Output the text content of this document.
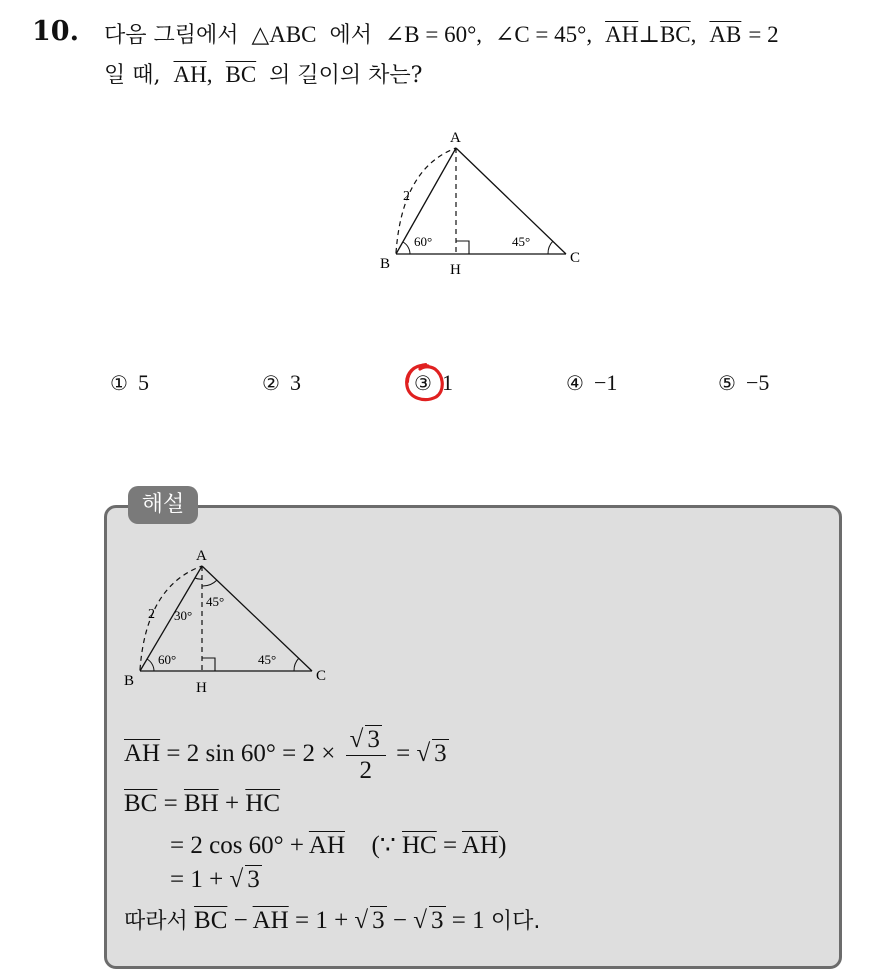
10. 다음 그림에서 △ABC 에서 ∠B = 60°, ∠C = 45°, $\overline{AH}\perp\overline{BC}$, $\overline{AB} = 2$
일 때, $\overline{AH}$, $\overline{BC}$ 의 길이의 차는?
A
B	C
H
2
60°	45°
① 5	② 3	③ 1	④ −1	⑤ −5
해설
A
B	C
H
2 30°
45°
60°	45°
$\overline{AH} = 2$ $\sin 60^\circ = 2 \times \frac{√ 3}{2}$ = √ 3
$\overline{BC} = \overline{BH} + \overline{HC}$
= 2 $\cos 60^\circ + \overline{AH}$ (∵ $\overline{HC} = \overline{AH}$)
= 1 + √ 3
따라서 $\overline{BC} - \overline{AH} = 1$ + √ 3 − √ 3 = 1 이다.
